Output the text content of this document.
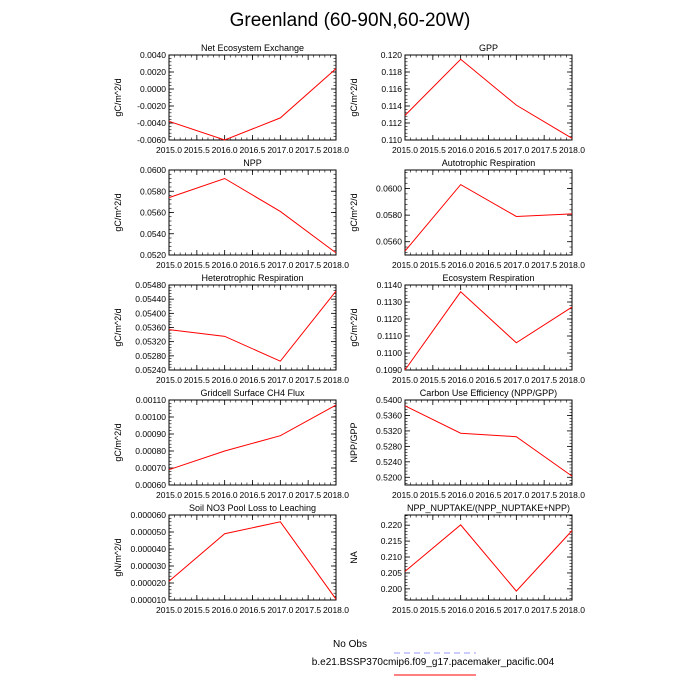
Greenland (60-90N,60-20W)
Net Ecosystem Exchange
2015.0 2015.5 2016.0 2016.5 2017.0 2017.5 2018.0
-0.0060
-0.0040
-0.0020
0.0000
0.0020
0.0040
gC/m^2/d
GPP
2015.0 2015.5 2016.0 2016.5 2017.0 2017.5 2018.0
0.110
0.112
0.114
0.116
0.118
0.120
gC/m^2/d
NPP
2015.0 2015.5 2016.0 2016.5 2017.0 2017.5 2018.0
0.0520
0.0540
0.0560
0.0580
0.0600
gC/m^2/d
Autotrophic Respiration
2015.0 2015.5 2016.0 2016.5 2017.0 2017.5 2018.0
0.0560
0.0580
0.0600
gC/m^2/d
Heterotrophic Respiration
2015.0 2015.5 2016.0 2016.5 2017.0 2017.5 2018.0
0.05240
0.05280
0.05320
0.05360
0.05400
0.05440
0.05480
gC/m^2/d
Ecosystem Respiration
2015.0 2015.5 2016.0 2016.5 2017.0 2017.5 2018.0
0.1090
0.1100
0.1110
0.1120
0.1130
0.1140
gC/m^2/d
Gridcell Surface CH4 Flux
2015.0 2015.5 2016.0 2016.5 2017.0 2017.5 2018.0
0.00060
0.00070
0.00080
0.00090
0.00100
0.00110
gC/m^2/d
Carbon Use Efficiency (NPP/GPP)
2015.0 2015.5 2016.0 2016.5 2017.0 2017.5 2018.0
0.5200
0.5240
0.5280
0.5320
0.5360
0.5400
NPP/GPP
Soil NO3 Pool Loss to Leaching
2015.0 2015.5 2016.0 2016.5 2017.0 2017.5 2018.0
0.000010
0.000020
0.000030
0.000040
0.000050
0.000060
gN/m^2/d
NPP_NUPTAKE/(NPP_NUPTAKE+NPP)
2015.0 2015.5 2016.0 2016.5 2017.0 2017.5 2018.0
0.200
0.205
0.210
0.215
0.220
NA
No Obs
b.e21.BSSP370cmip6.f09_g17.pacemaker_pacific.004
